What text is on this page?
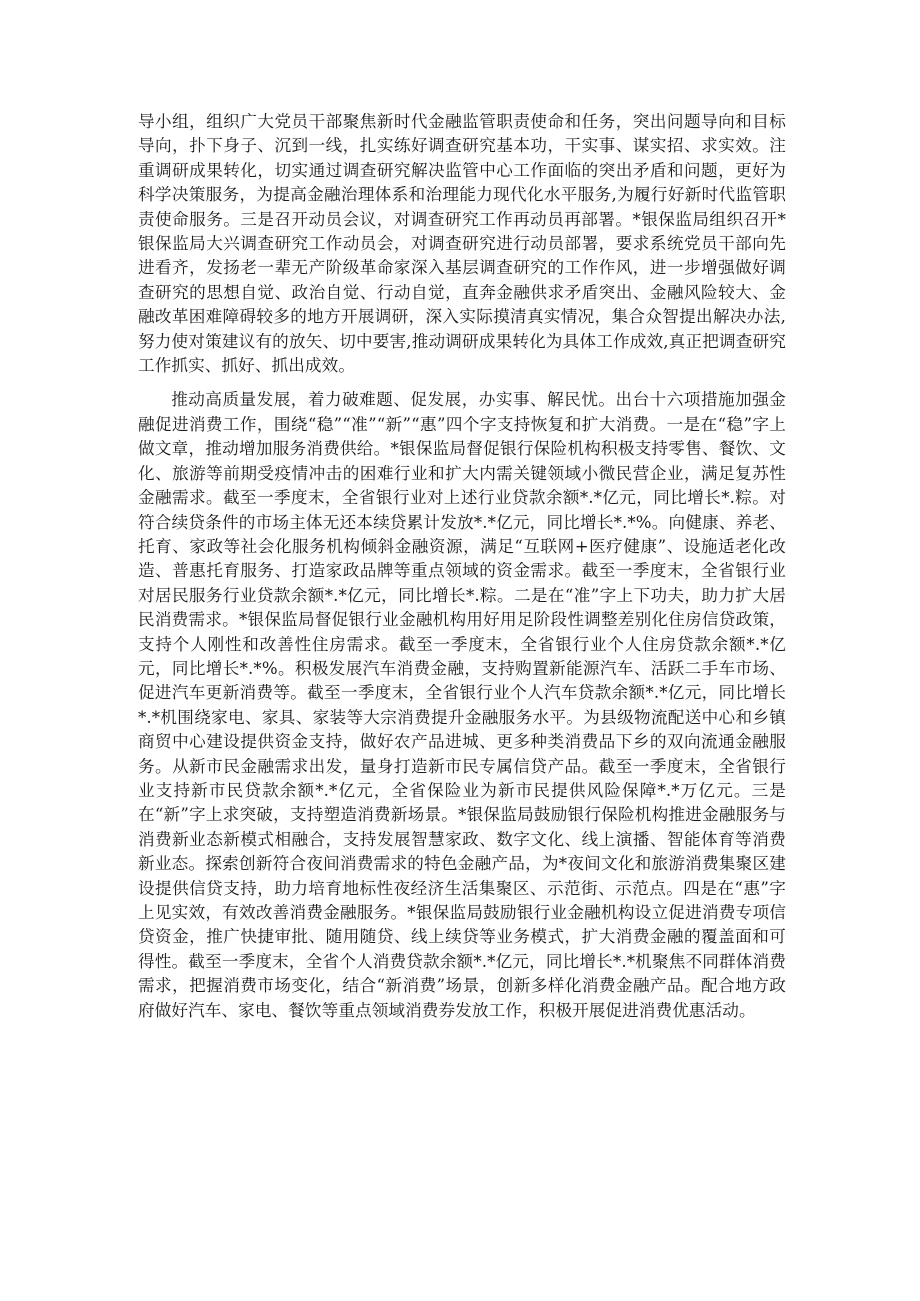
导小组，组织广大党员干部聚焦新时代金融监管职责使命和任务，突出问题导向和目标导向，扑下身子、沉到一线，扎实练好调查研究基本功，干实事、谋实招、求实效。注重调研成果转化，切实通过调查研究解决监管中心工作面临的突出矛盾和问题，更好为科学决策服务，为提高金融治理体系和治理能力现代化水平服务,为履行好新时代监管职责使命服务。三是召开动员会议，对调查研究工作再动员再部署。*银保监局组织召开*银保监局大兴调查研究工作动员会，对调查研究进行动员部署，要求系统党员干部向先进看齐，发扬老一辈无产阶级革命家深入基层调查研究的工作作风，进一步增强做好调查研究的思想自觉、政治自觉、行动自觉，直奔金融供求矛盾突出、金融风险较大、金融改革困难障碍较多的地方开展调研，深入实际摸清真实情况，集合众智提出解决办法,努力使对策建议有的放矢、切中要害,推动调研成果转化为具体工作成效,真正把调查研究工作抓实、抓好、抓出成效。

推动高质量发展，着力破难题、促发展，办实事、解民忧。出台十六项措施加强金融促进消费工作，围绕“稳”“准”“新”“惠”四个字支持恢复和扩大消费。一是在“稳”字上做文章，推动增加服务消费供给。*银保监局督促银行保险机构积极支持零售、餐饮、文化、旅游等前期受疫情冲击的困难行业和扩大内需关键领域小微民营企业，满足复苏性金融需求。截至一季度末，全省银行业对上述行业贷款余额*.*亿元，同比增长*.粽。对符合续贷条件的市场主体无还本续贷累计发放*.*亿元，同比增长*.*%。向健康、养老、托育、家政等社会化服务机构倾斜金融资源，满足“互联网+医疗健康”、设施适老化改造、普惠托育服务、打造家政品牌等重点领域的资金需求。截至一季度末，全省银行业对居民服务行业贷款余额*.*亿元，同比增长*.粽。二是在“准”字上下功夫，助力扩大居民消费需求。*银保监局督促银行业金融机构用好用足阶段性调整差别化住房信贷政策，支持个人刚性和改善性住房需求。截至一季度末，全省银行业个人住房贷款余额*.*亿元，同比增长*.*%。积极发展汽车消费金融，支持购置新能源汽车、活跃二手车市场、促进汽车更新消费等。截至一季度末，全省银行业个人汽车贷款余额*.*亿元，同比增长*.*机围绕家电、家具、家装等大宗消费提升金融服务水平。为县级物流配送中心和乡镇商贸中心建设提供资金支持，做好农产品进城、更多种类消费品下乡的双向流通金融服务。从新市民金融需求出发，量身打造新市民专属信贷产品。截至一季度末，全省银行业支持新市民贷款余额*.*亿元，全省保险业为新市民提供风险保障*.*万亿元。三是在“新”字上求突破，支持塑造消费新场景。*银保监局鼓励银行保险机构推进金融服务与消费新业态新模式相融合，支持发展智慧家政、数字文化、线上演播、智能体育等消费新业态。探索创新符合夜间消费需求的特色金融产品，为*夜间文化和旅游消费集聚区建设提供信贷支持，助力培育地标性夜经济生活集聚区、示范街、示范点。四是在“惠”字上见实效，有效改善消费金融服务。*银保监局鼓励银行业金融机构设立促进消费专项信贷资金，推广快捷审批、随用随贷、线上续贷等业务模式，扩大消费金融的覆盖面和可得性。截至一季度末，全省个人消费贷款余额*.*亿元，同比增长*.*机聚焦不同群体消费需求，把握消费市场变化，结合“新消费”场景，创新多样化消费金融产品。配合地方政府做好汽车、家电、餐饮等重点领域消费券发放工作，积极开展促进消费优惠活动。
